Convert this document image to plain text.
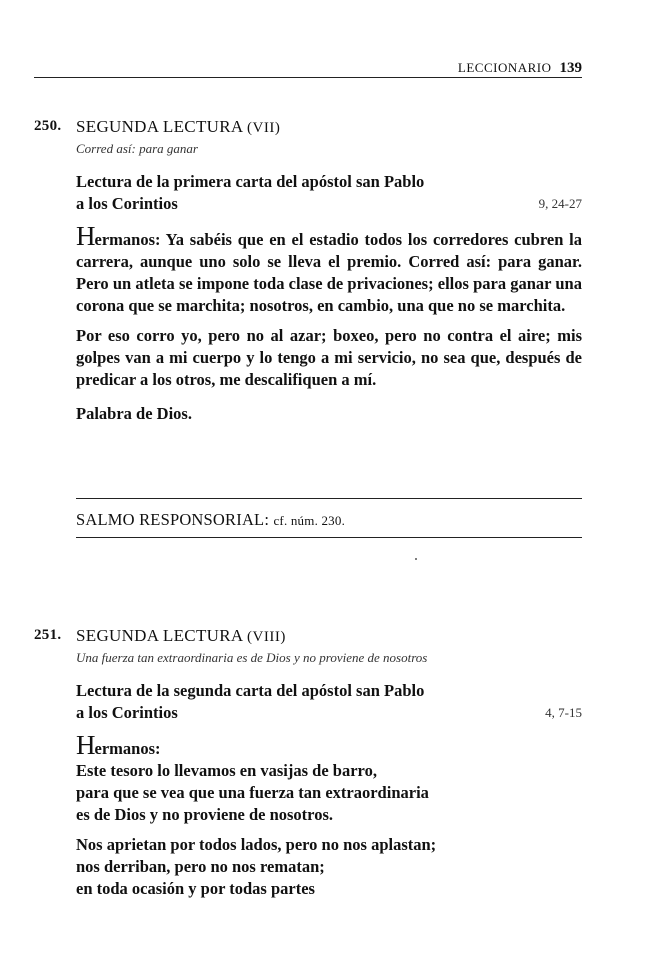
LECCIONARIO 139
250. SEGUNDA LECTURA (VII)
Corred así: para ganar
Lectura de la primera carta del apóstol san Pablo
a los Corintios	9, 24-27
Hermanos: Ya sabéis que en el estadio todos los corredores cubren la carrera, aunque uno solo se lleva el premio. Corred así: para ganar. Pero un atleta se impone toda clase de privaciones; ellos para ganar una corona que se marchita; nosotros, en cambio, una que no se marchita.
Por eso corro yo, pero no al azar; boxeo, pero no contra el aire; mis golpes van a mi cuerpo y lo tengo a mi servicio, no sea que, después de predicar a los otros, me descalifiquen a mí.
Palabra de Dios.
SALMO RESPONSORIAL: cf. núm. 230.
251. SEGUNDA LECTURA (VIII)
Una fuerza tan extraordinaria es de Dios y no proviene de nosotros
Lectura de la segunda carta del apóstol san Pablo
a los Corintios	4, 7-15
Hermanos:
Este tesoro lo llevamos en vasijas de barro,
para que se vea que una fuerza tan extraordinaria
es de Dios y no proviene de nosotros.
Nos aprietan por todos lados, pero no nos aplastan;
nos derriban, pero no nos rematan;
en toda ocasión y por todas partes
